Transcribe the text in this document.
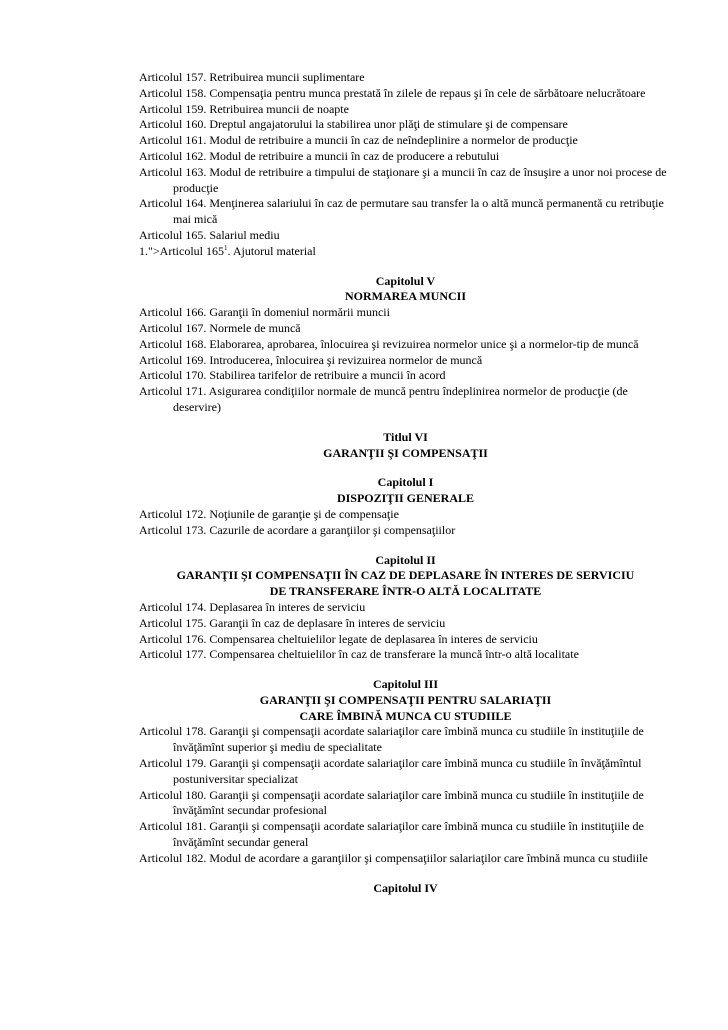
Articolul 157. Retribuirea muncii suplimentare

Articolul 158. Compensaţia pentru munca prestată în zilele de repaus şi în cele de sărbătoare nelucrătoare

Articolul 159. Retribuirea muncii de noapte

Articolul 160. Dreptul angajatorului la stabilirea unor plăţi de stimulare şi de compensare

Articolul 161. Modul de retribuire a muncii în caz de neîndeplinire a normelor de producţie

Articolul 162. Modul de retribuire a muncii în caz de producere a rebutului

Articolul 163. Modul de retribuire a timpului de staţionare şi a muncii în caz de însuşire a unor noi procese de producţie

Articolul 164. Menţinerea salariului în caz de permutare sau transfer la o altă muncă permanentă cu retribuţie mai mică

Articolul 165. Salariul mediu

1.">Articolul $165^1$. Ajutorul material

Capitolul V

NORMAREA MUNCII

Articolul 166. Garanţii în domeniul normării muncii

Articolul 167. Normele de muncă

Articolul 168. Elaborarea, aprobarea, înlocuirea şi revizuirea normelor unice şi a normelor-tip de muncă

Articolul 169. Introducerea, înlocuirea şi revizuirea normelor de muncă

Articolul 170. Stabilirea tarifelor de retribuire a muncii în acord

Articolul 171. Asigurarea condiţiilor normale de muncă pentru îndeplinirea normelor de producţie (de deservire)

Titlul VI

GARANŢII ŞI COMPENSAŢII

Capitolul I

DISPOZIŢII GENERALE

Articolul 172. Noţiunile de garanţie şi de compensaţie

Articolul 173. Cazurile de acordare a garanţiilor şi compensaţiilor

Capitolul II

GARANŢII ŞI COMPENSAŢII ÎN CAZ DE DEPLASARE ÎN INTERES DE SERVICIU

DE TRANSFERARE ÎNTR-O ALTĂ LOCALITATE

Articolul 174. Deplasarea în interes de serviciu

Articolul 175. Garanţii în caz de deplasare în interes de serviciu

Articolul 176. Compensarea cheltuielilor legate de deplasarea în interes de serviciu

Articolul 177. Compensarea cheltuielilor în caz de transferare la muncă într-o altă localitate

Capitolul III

GARANŢII ŞI COMPENSAŢII PENTRU SALARIAŢII

CARE ÎMBINĂ MUNCA CU STUDIILE

Articolul 178. Garanţii şi compensaţii acordate salariaţilor care îmbină munca cu studiile în instituţiile de învăţămînt superior şi mediu de specialitate

Articolul 179. Garanţii şi compensaţii acordate salariaţilor care îmbină munca cu studiile în învăţămîntul postuniversitar specializat

Articolul 180. Garanţii şi compensaţii acordate salariaţilor care îmbină munca cu studiile în instituţiile de învăţămînt secundar profesional

Articolul 181. Garanţii şi compensaţii acordate salariaţilor care îmbină munca cu studiile în instituţiile de învăţămînt secundar general

Articolul 182. Modul de acordare a garanţiilor şi compensaţiilor salariaţilor care îmbină munca cu studiile

Capitolul IV
